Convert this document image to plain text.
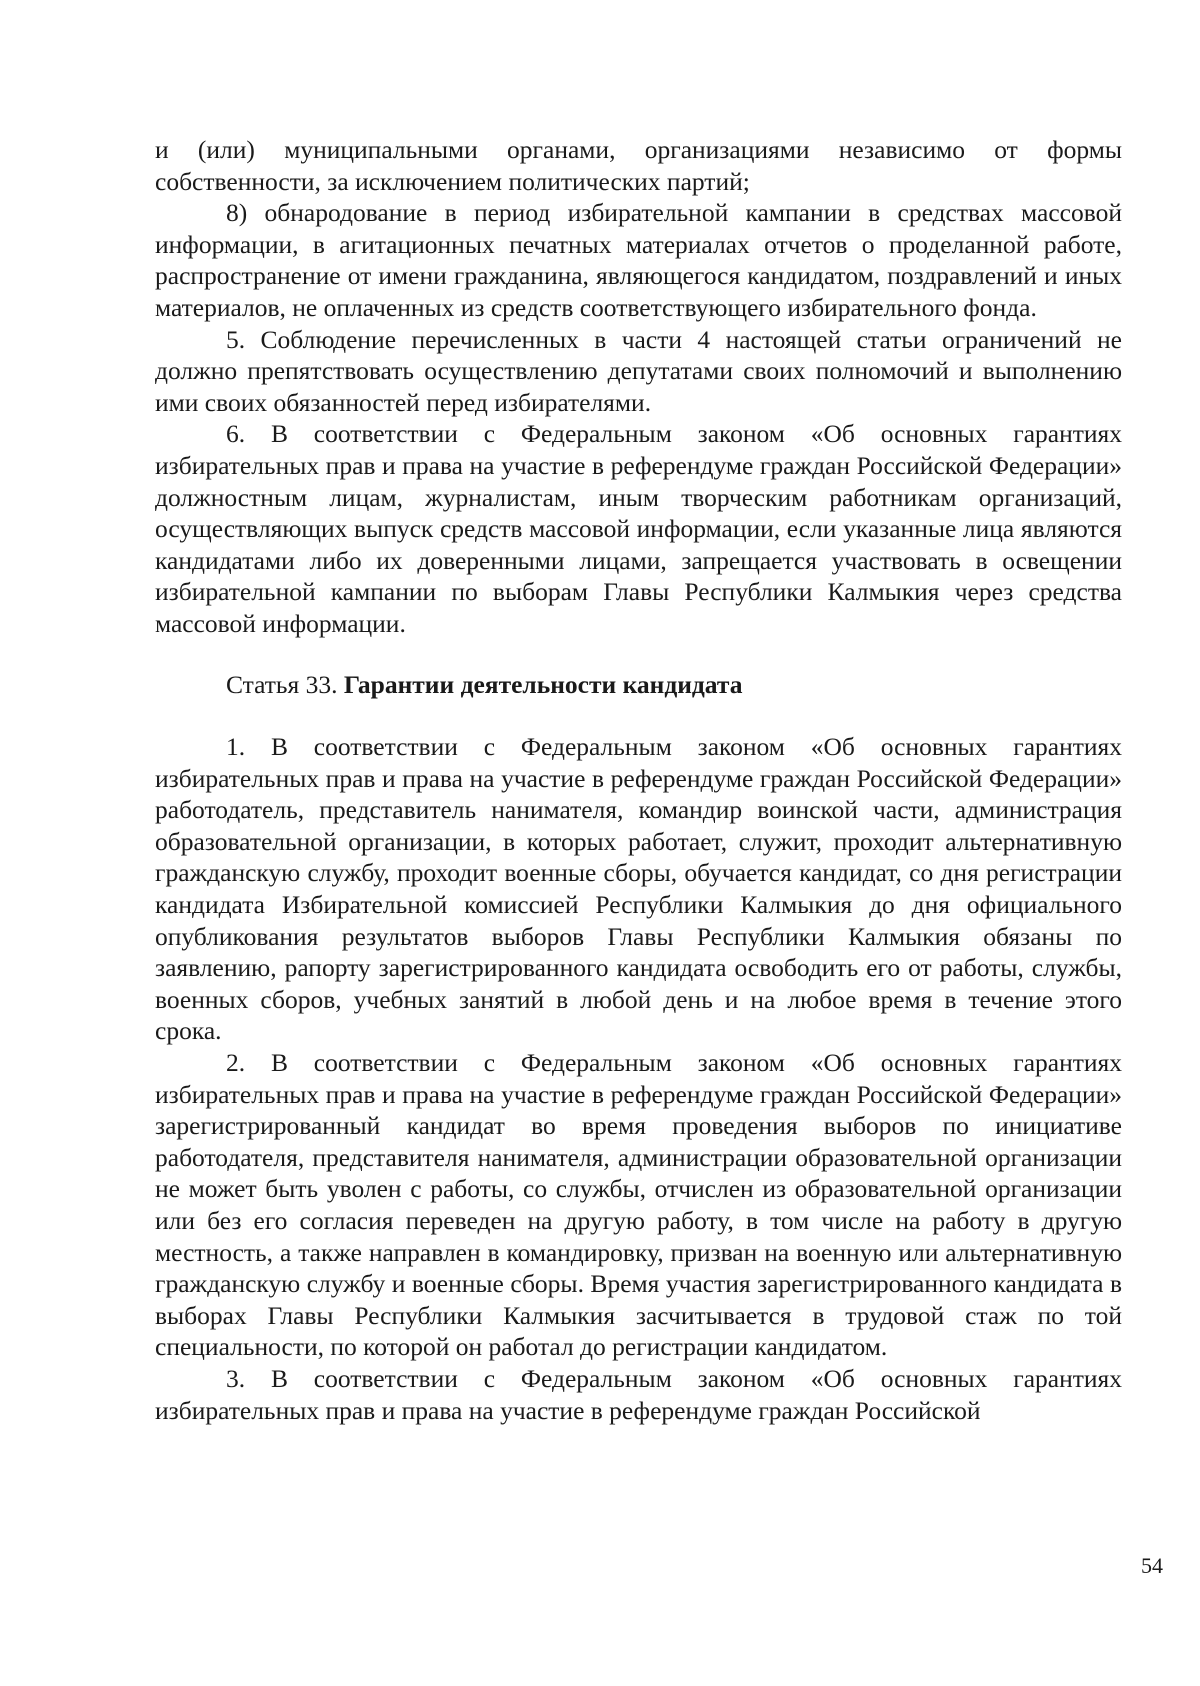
и (или) муниципальными органами, организациями независимо от формы собственности, за исключением политических партий;

8) обнародование в период избирательной кампании в средствах массовой информации, в агитационных печатных материалах отчетов о проделанной работе, распространение от имени гражданина, являющегося кандидатом, поздравлений и иных материалов, не оплаченных из средств соответствующего избирательного фонда.

5. Соблюдение перечисленных в части 4 настоящей статьи ограничений не должно препятствовать осуществлению депутатами своих полномочий и выполнению ими своих обязанностей перед избирателями.

6. В соответствии с Федеральным законом «Об основных гарантиях избирательных прав и права на участие в референдуме граждан Российской Федерации» должностным лицам, журналистам, иным творческим работникам организаций, осуществляющих выпуск средств массовой информации, если указанные лица являются кандидатами либо их доверенными лицами, запрещается участвовать в освещении избирательной кампании по выборам Главы Республики Калмыкия через средства массовой информации.

Статья 33. Гарантии деятельности кандидата

1. В соответствии с Федеральным законом «Об основных гарантиях избирательных прав и права на участие в референдуме граждан Российской Федерации» работодатель, представитель нанимателя, командир воинской части, администрация образовательной организации, в которых работает, служит, проходит альтернативную гражданскую службу, проходит военные сборы, обучается кандидат, со дня регистрации кандидата Избирательной комиссией Республики Калмыкия до дня официального опубликования результатов выборов Главы Республики Калмыкия обязаны по заявлению, рапорту зарегистрированного кандидата освободить его от работы, службы, военных сборов, учебных занятий в любой день и на любое время в течение этого срока.

2. В соответствии с Федеральным законом «Об основных гарантиях избирательных прав и права на участие в референдуме граждан Российской Федерации» зарегистрированный кандидат во время проведения выборов по инициативе работодателя, представителя нанимателя, администрации образовательной организации не может быть уволен с работы, со службы, отчислен из образовательной организации или без его согласия переведен на другую работу, в том числе на работу в другую местность, а также направлен в командировку, призван на военную или альтернативную гражданскую службу и военные сборы. Время участия зарегистрированного кандидата в выборах Главы Республики Калмыкия засчитывается в трудовой стаж по той специальности, по которой он работал до регистрации кандидатом.

3. В соответствии с Федеральным законом «Об основных гарантиях избирательных прав и права на участие в референдуме граждан Российской

54
